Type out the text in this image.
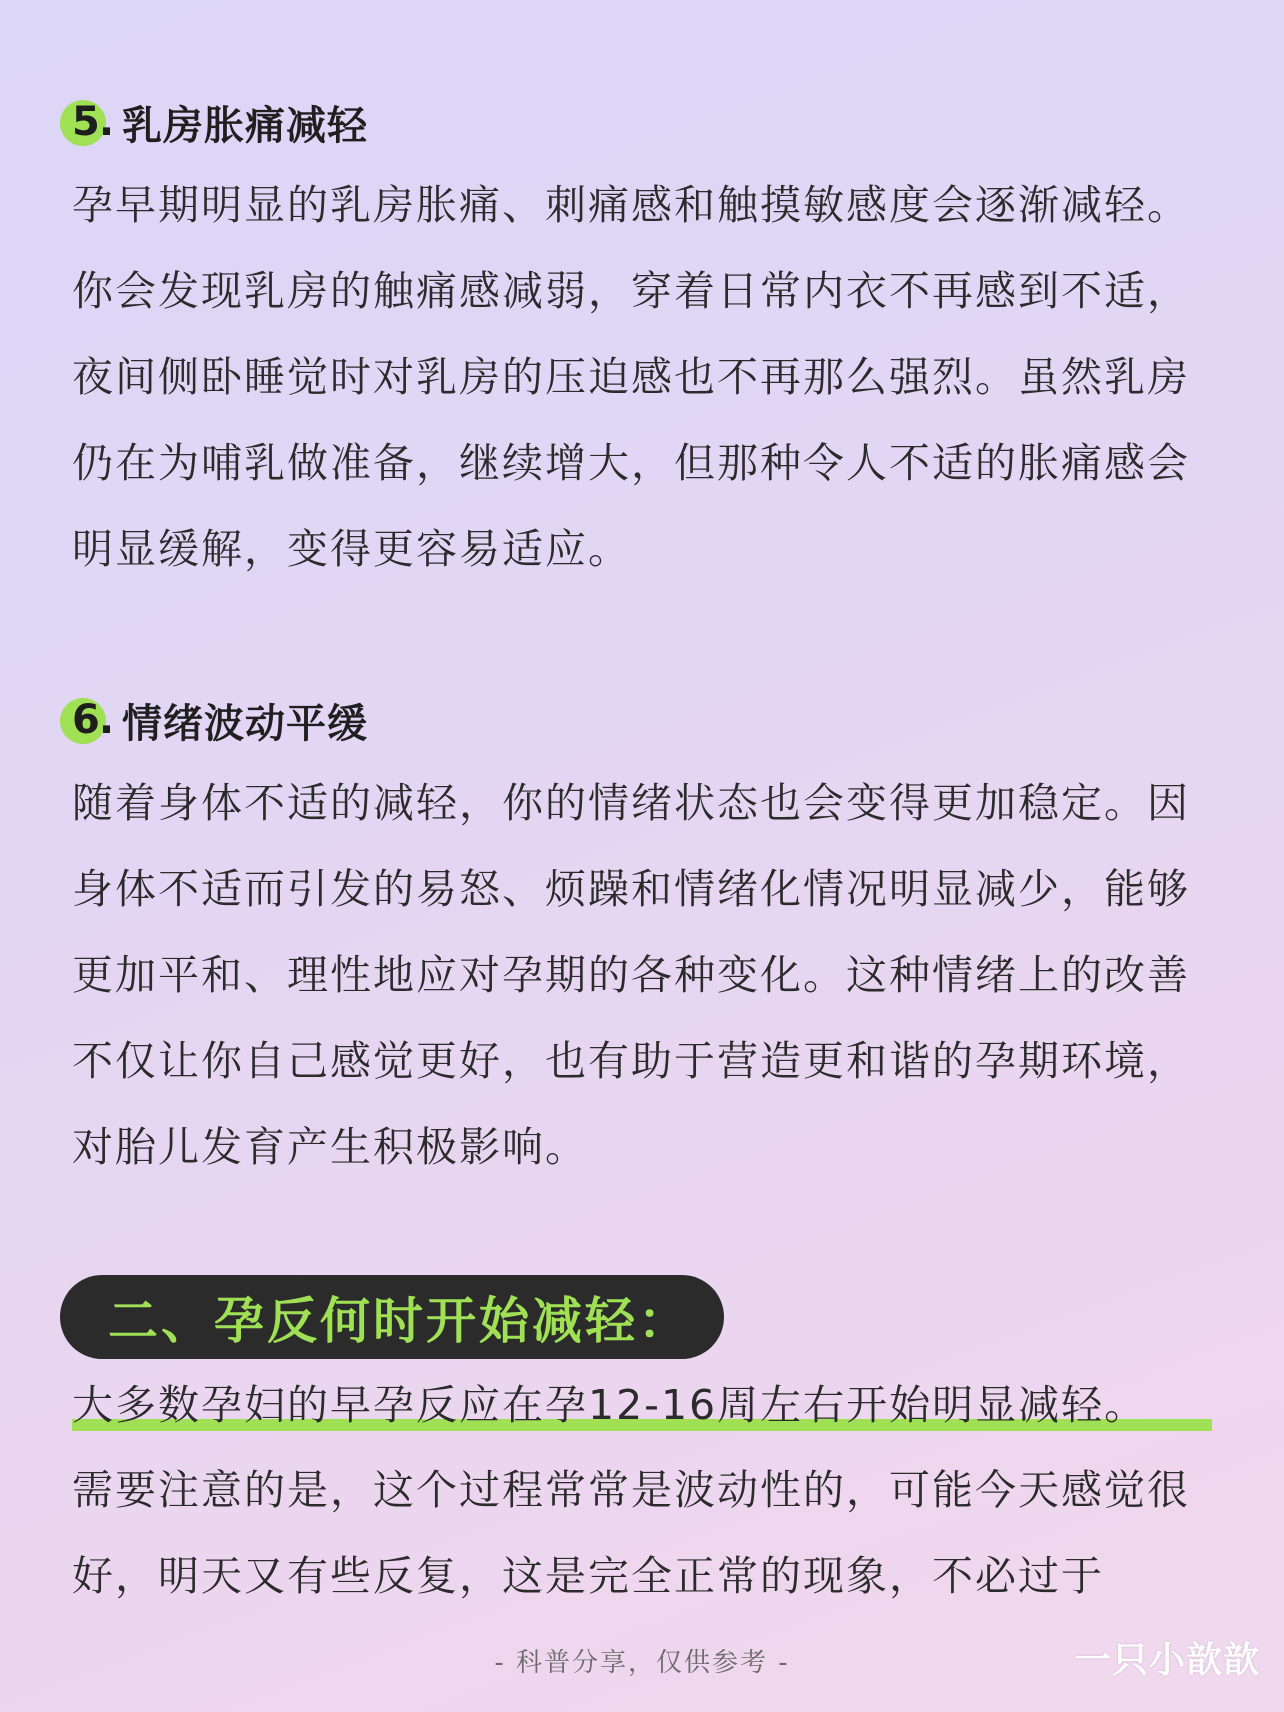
5. 乳房胀痛减轻

孕早期明显的乳房胀痛、刺痛感和触摸敏感度会逐渐减轻。你会发现乳房的触痛感减弱，穿着日常内衣不再感到不适，夜间侧卧睡觉时对乳房的压迫感也不再那么强烈。虽然乳房仍在为哺乳做准备，继续增大，但那种令人不适的胀痛感会明显缓解，变得更容易适应。

6. 情绪波动平缓

随着身体不适的减轻，你的情绪状态也会变得更加稳定。因身体不适而引发的易怒、烦躁和情绪化情况明显减少，能够更加平和、理性地应对孕期的各种变化。这种情绪上的改善不仅让你自己感觉更好，也有助于营造更和谐的孕期环境，对胎儿发育产生积极影响。

二、孕反何时开始减轻：
大多数孕妇的早孕反应在孕12-16周左右开始明显减轻。

需要注意的是，这个过程常常是波动性的，可能今天感觉很好，明天又有些反复，这是完全正常的现象，不必过于

- 科普分享，仅供参考 -	一只小歆歆
